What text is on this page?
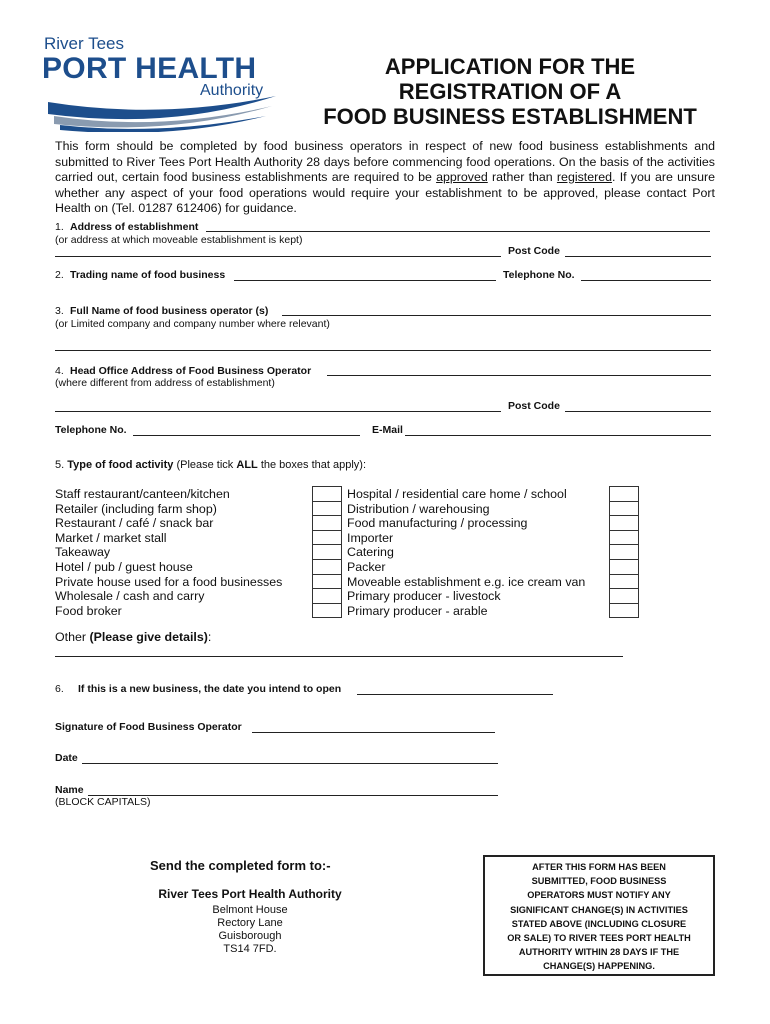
River Tees
PORT HEALTH
Authority
APPLICATION FOR THE
REGISTRATION OF A
FOOD BUSINESS ESTABLISHMENT
This form should be completed by food business operators in respect of new food business establishments and submitted to River Tees Port Health Authority 28 days before commencing food operations. On the basis of the activities carried out, certain food business establishments are required to be approved rather than registered. If you are unsure whether any aspect of your food operations would require your establishment to be approved, please contact Port Health on (Tel. 01287 612406) for guidance.
1. Address of establishment
(or address at which moveable establishment is kept)
Post Code
2. Trading name of food business	Telephone No.
3. Full Name of food business operator (s)
(or Limited company and company number where relevant)
4. Head Office Address of Food Business Operator
(where different from address of establishment)
Post Code
Telephone No.	E-Mail
5. Type of food activity (Please tick ALL the boxes that apply):
Staff restaurant/canteen/kitchen
Retailer (including farm shop)
Restaurant / café / snack bar
Market / market stall
Takeaway
Hotel / pub / guest house
Private house used for a food businesses
Wholesale / cash and carry
Food broker
Hospital / residential care home / school
Distribution / warehousing
Food manufacturing / processing
Importer
Catering
Packer
Moveable establishment e.g. ice cream van
Primary producer - livestock
Primary producer - arable
Other (Please give details):
6. If this is a new business, the date you intend to open
Signature of Food Business Operator
Date
Name
(BLOCK CAPITALS)
Send the completed form to:-
River Tees Port Health Authority
Belmont House
Rectory Lane
Guisborough
TS14 7FD.
AFTER THIS FORM HAS BEEN
SUBMITTED, FOOD BUSINESS
OPERATORS MUST NOTIFY ANY
SIGNIFICANT CHANGE(S) IN ACTIVITIES
STATED ABOVE (INCLUDING CLOSURE
OR SALE) TO RIVER TEES PORT HEALTH
AUTHORITY WITHIN 28 DAYS IF THE
CHANGE(S) HAPPENING.
